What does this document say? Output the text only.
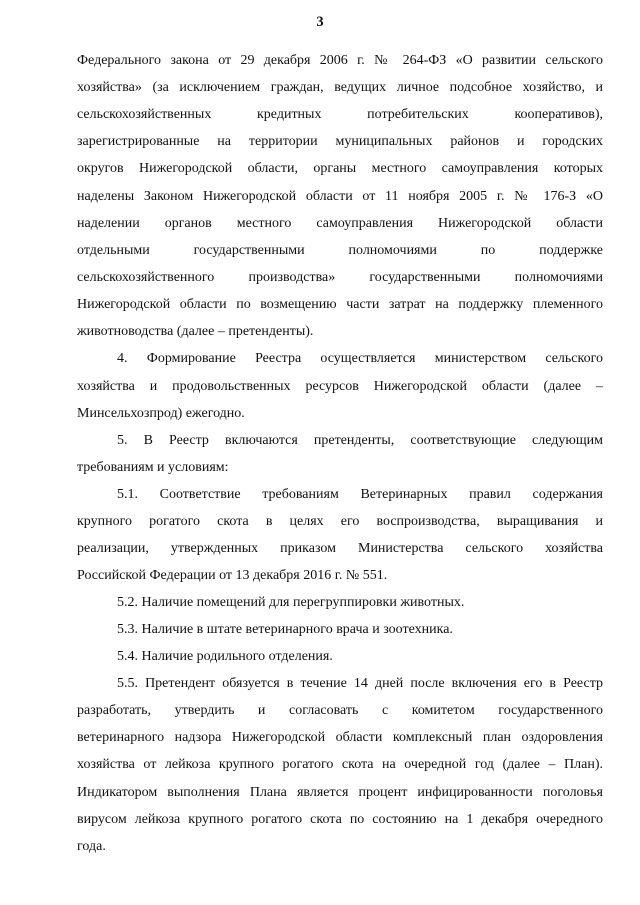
3
Федерального закона от 29 декабря 2006 г. № 264-ФЗ «О развитии сельского
хозяйства» (за исключением граждан, ведущих личное подсобное хозяйство, и
сельскохозяйственных кредитных потребительских кооперативов),
зарегистрированные на территории муниципальных районов и городских
округов Нижегородской области, органы местного самоуправления которых
наделены Законом Нижегородской области от 11 ноября 2005 г. № 176-З «О
наделении органов местного самоуправления Нижегородской области
отдельными государственными полномочиями по поддержке
сельскохозяйственного производства» государственными полномочиями
Нижегородской области по возмещению части затрат на поддержку племенного
животноводства (далее – претенденты).
4. Формирование Реестра осуществляется министерством сельского
хозяйства и продовольственных ресурсов Нижегородской области (далее –
Минсельхозпрод) ежегодно.
5. В Реестр включаются претенденты, соответствующие следующим
требованиям и условиям:
5.1. Соответствие требованиям Ветеринарных правил содержания
крупного рогатого скота в целях его воспроизводства, выращивания и
реализации, утвержденных приказом Министерства сельского хозяйства
Российской Федерации от 13 декабря 2016 г. № 551.
5.2. Наличие помещений для перегруппировки животных.
5.3. Наличие в штате ветеринарного врача и зоотехника.
5.4. Наличие родильного отделения.
5.5. Претендент обязуется в течение 14 дней после включения его в Реестр
разработать, утвердить и согласовать с комитетом государственного
ветеринарного надзора Нижегородской области комплексный план оздоровления
хозяйства от лейкоза крупного рогатого скота на очередной год (далее – План).
Индикатором выполнения Плана является процент инфицированности поголовья
вирусом лейкоза крупного рогатого скота по состоянию на 1 декабря очередного
года.
